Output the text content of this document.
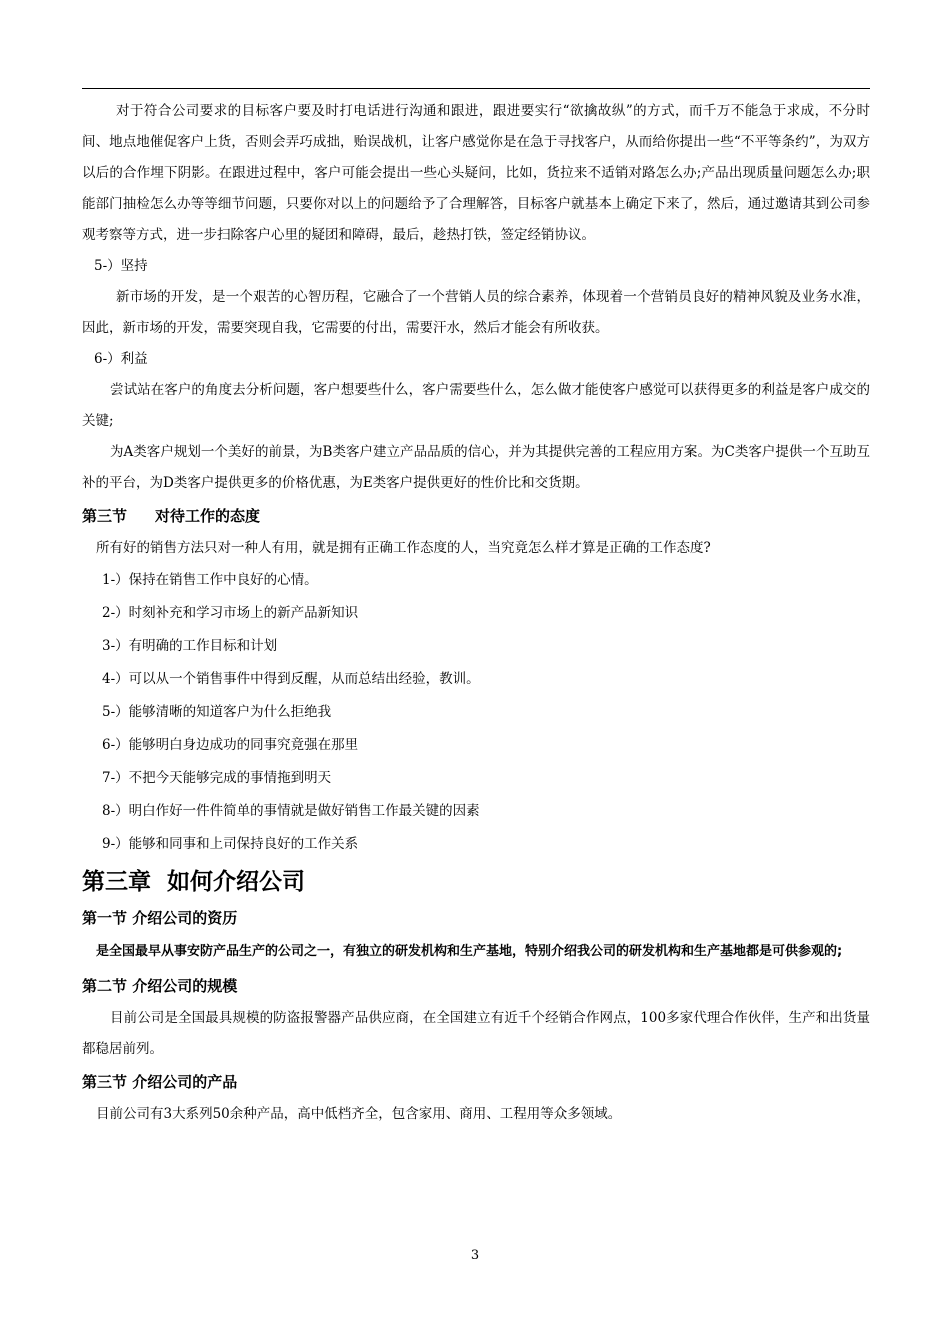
对于符合公司要求的目标客户要及时打电话进行沟通和跟进，跟进要实行“欲擒故纵”的方式，而千万不能急于求成，不分时间、地点地催促客户上货，否则会弄巧成拙，贻误战机，让客户感觉你是在急于寻找客户，从而给你提出一些“不平等条约”，为双方以后的合作埋下阴影。在跟进过程中，客户可能会提出一些心头疑问，比如，货拉来不适销对路怎么办;产品出现质量问题怎么办;职能部门抽检怎么办等等细节问题，只要你对以上的问题给予了合理解答，目标客户就基本上确定下来了，然后，通过邀请其到公司参观考察等方式，进一步扫除客户心里的疑团和障碍，最后，趁热打铁，签定经销协议。

5-）坚持

新市场的开发，是一个艰苦的心智历程，它融合了一个营销人员的综合素养，体现着一个营销员良好的精神风貌及业务水准，因此，新市场的开发，需要突现自我，它需要的付出，需要汗水，然后才能会有所收获。

6-）利益

尝试站在客户的角度去分析问题，客户想要些什么，客户需要些什么，怎么做才能使客户感觉可以获得更多的利益是客户成交的关键;

为A类客户规划一个美好的前景，为B类客户建立产品品质的信心，并为其提供完善的工程应用方案。为C类客户提供一个互助互补的平台，为D类客户提供更多的价格优惠，为E类客户提供更好的性价比和交货期。

第三节 对待工作的态度

所有好的销售方法只对一种人有用，就是拥有正确工作态度的人，当究竟怎么样才算是正确的工作态度?

1-）保持在销售工作中良好的心情。

2-）时刻补充和学习市场上的新产品新知识

3-）有明确的工作目标和计划

4-）可以从一个销售事件中得到反醒，从而总结出经验，教训。

5-）能够清晰的知道客户为什么拒绝我

6-）能够明白身边成功的同事究竟强在那里

7-）不把今天能够完成的事情拖到明天

8-）明白作好一件件简单的事情就是做好销售工作最关键的因素

9-）能够和同事和上司保持良好的工作关系

第三章 如何介绍公司
第一节 介绍公司的资历

是全国最早从事安防产品生产的公司之一，有独立的研发机构和生产基地，特别介绍我公司的研发机构和生产基地都是可供参观的;

第二节 介绍公司的规模

目前公司是全国最具规模的防盗报警器产品供应商，在全国建立有近千个经销合作网点，100多家代理合作伙伴，生产和出货量都稳居前列。

第三节 介绍公司的产品

目前公司有3大系列50余种产品，高中低档齐全，包含家用、商用、工程用等众多领域。

3
